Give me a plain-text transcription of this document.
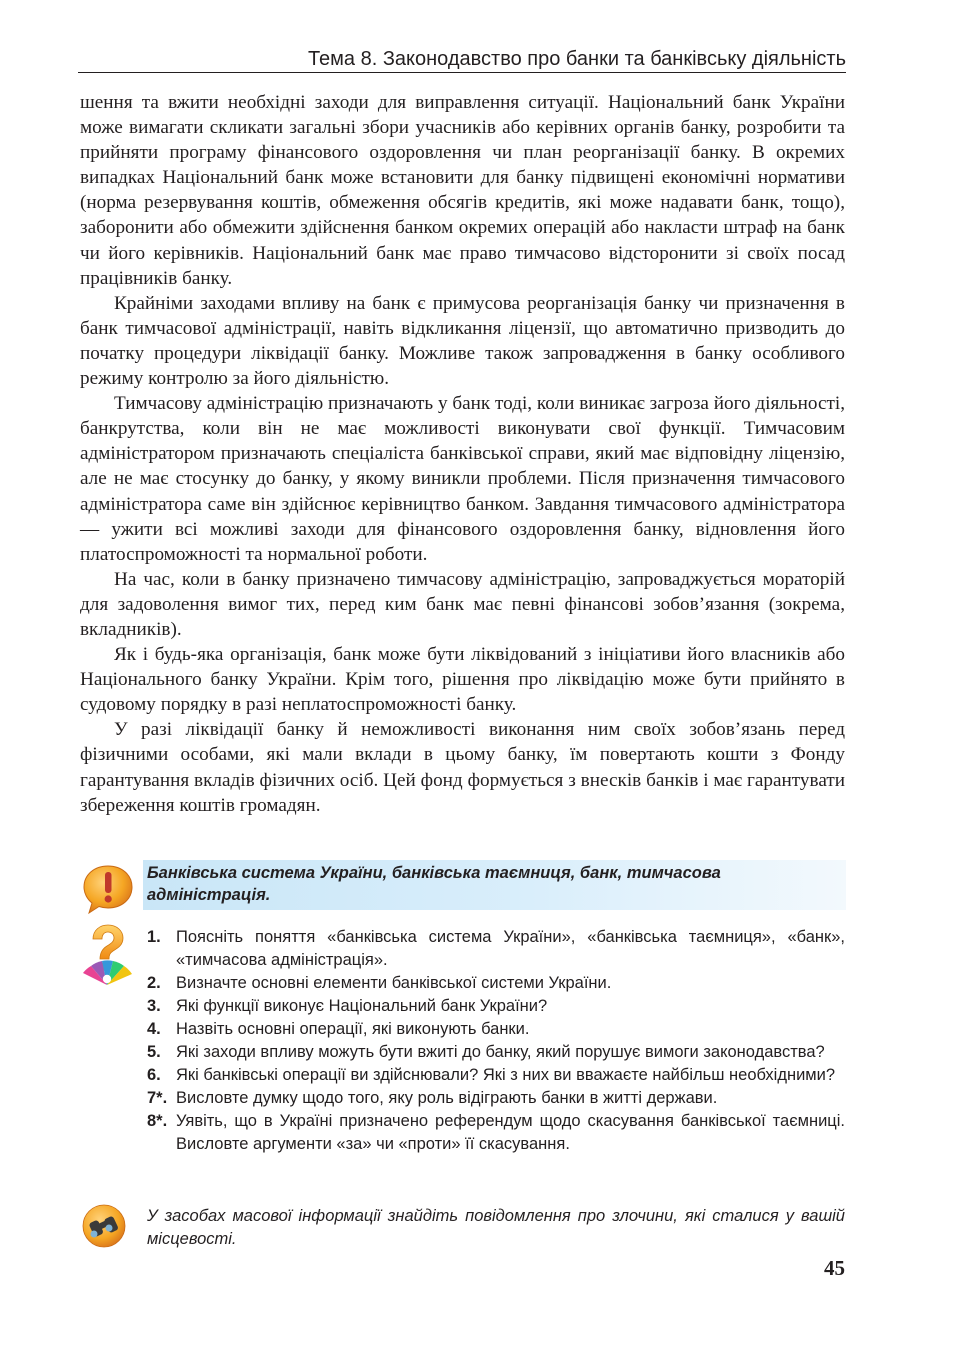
Тема 8. Законодавство про банки та банківську діяльність

шення та вжити необхідні заходи для виправлення ситуації. Національний банк України може вимагати скликати загальні збори учасників або керівних органів банку, розробити та прийняти програму фінансового оздоровлення чи план реорганізації банку. В окремих випадках Національний банк може встановити для банку підвищені економічні нормативи (норма резервування коштів, обмеження обсягів кредитів, які може надавати банк, тощо), заборонити або обмежити здійснення банком окремих операцій або накласти штраф на банк чи його керівників. Національний банк має право тимчасово відсторонити зі своїх посад працівників банку.

Крайніми заходами впливу на банк є примусова реорганізація банку чи призначення в банк тимчасової адміністрації, навіть відкликання ліцензії, що автоматично призводить до початку процедури ліквідації банку. Можливе також запровадження в банку особливого режиму контролю за його діяльністю.

Тимчасову адміністрацію призначають у банк тоді, коли виникає загроза його діяльності, банкрутства, коли він не має можливості виконувати свої функції. Тимчасовим адміністратором призначають спеціаліста банківської справи, який має відповідну ліцензію, але не має стосунку до банку, у якому виникли проблеми. Після призначення тимчасового адміністратора саме він здійснює керівництво банком. Завдання тимчасового адміністратора — ужити всі можливі заходи для фінансового оздоровлення банку, відновлення його платоспроможності та нормальної роботи.

На час, коли в банку призначено тимчасову адміністрацію, запроваджується мораторій для задоволення вимог тих, перед ким банк має певні фінансові зобов’язання (зокрема, вкладників).

Як і будь-яка організація, банк може бути ліквідований з ініціативи його власників або Національного банку України. Крім того, рішення про ліквідацію може бути прийнято в судовому порядку в разі неплатоспроможності банку.

У разі ліквідації банку й неможливості виконання ним своїх зобов’язань перед фізичними особами, які мали вклади в цьому банку, їм повертають кошти з Фонду гарантування вкладів фізичних осіб. Цей фонд формується з внесків банків і має гарантувати збереження коштів громадян.

Банківська система України, банківська таємниця, банк, тимчасова адміністрація.
1. Поясніть поняття «банківська система України», «банківська таємниця», «банк», «тимчасова адміністрація».
2. Визначте основні елементи банківської системи України.
3. Які функції виконує Національний банк України?
4. Назвіть основні операції, які виконують банки.
5. Які заходи впливу можуть бути вжиті до банку, який порушує вимоги законодавства?
6. Які банківські операції ви здійснювали? Які з них ви вважаєте найбільш необхідними?
7*. Висловте думку щодо того, яку роль відіграють банки в житті держави.
8*. Уявіть, що в Україні призначено референдум щодо скасування банківської таємниці. Висловте аргументи «за» чи «проти» її скасування.
У засобах масової інформації знайдіть повідомлення про злочини, які сталися у вашій місцевості.
45
